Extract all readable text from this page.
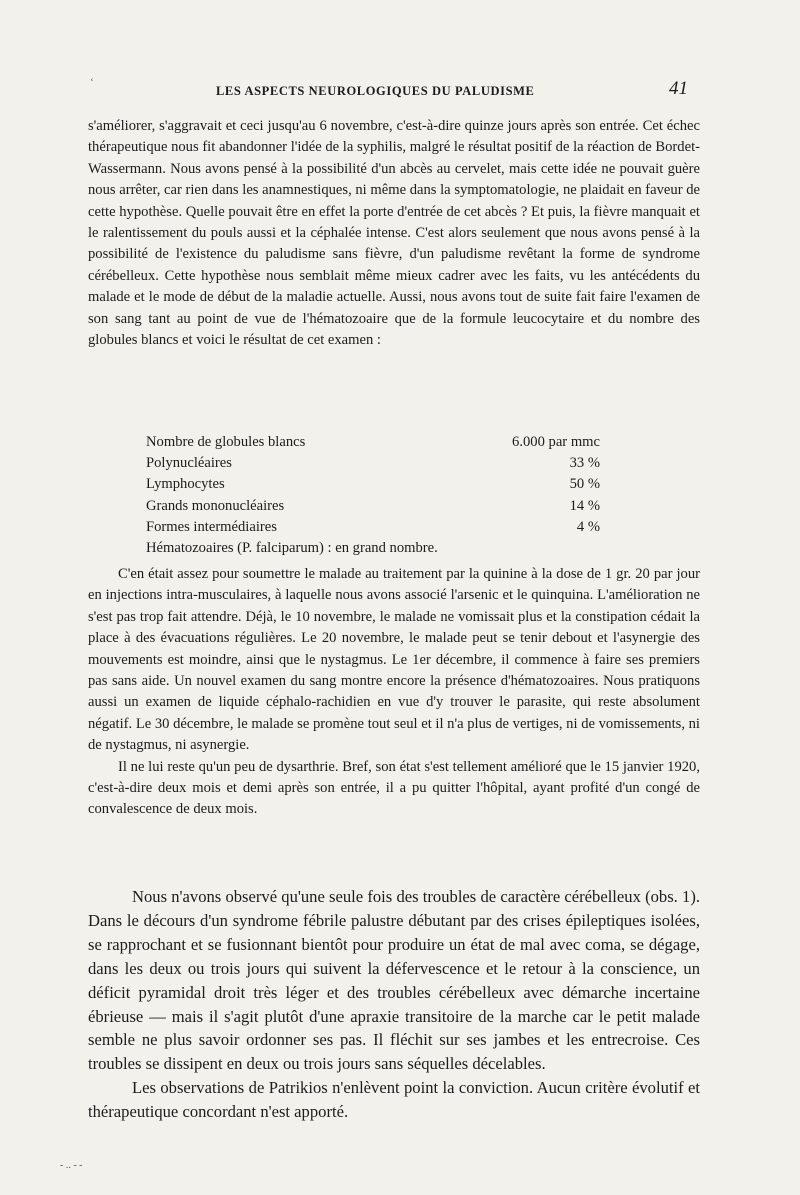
ʿ
LES ASPECTS NEUROLOGIQUES DU PALUDISME	41

s'améliorer, s'aggravait et ceci jusqu'au 6 novembre, c'est-à-dire quinze jours après son entrée. Cet échec thérapeutique nous fit abandonner l'idée de la syphilis, malgré le résultat positif de la réaction de Bordet-Wassermann. Nous avons pensé à la possibilité d'un abcès au cervelet, mais cette idée ne pouvait guère nous arrêter, car rien dans les anamnestiques, ni même dans la symptomatologie, ne plaidait en faveur de cette hypothèse. Quelle pouvait être en effet la porte d'entrée de cet abcès ? Et puis, la fièvre manquait et le ralentissement du pouls aussi et la céphalée intense. C'est alors seulement que nous avons pensé à la possibilité de l'existence du paludisme sans fièvre, d'un paludisme revêtant la forme de syndrome cérébelleux. Cette hypothèse nous semblait même mieux cadrer avec les faits, vu les antécédents du malade et le mode de début de la maladie actuelle. Aussi, nous avons tout de suite fait faire l'examen de son sang tant au point de vue de l'hématozoaire que de la formule leucocytaire et du nombre des globules blancs et voici le résultat de cet examen :

Nombre de globules blancs	6.000 par mmc
Polynucléaires	33 %
Lymphocytes	50 %
Grands mononucléaires	14 %
Formes intermédiaires	4 %
Hématozoaires (P. falciparum) : en grand nombre.

C'en était assez pour soumettre le malade au traitement par la quinine à la dose de 1 gr. 20 par jour en injections intra-musculaires, à laquelle nous avons associé l'arsenic et le quinquina. L'amélioration ne s'est pas trop fait attendre. Déjà, le 10 novembre, le malade ne vomissait plus et la constipation cédait la place à des évacuations régulières. Le 20 novembre, le malade peut se tenir debout et l'asynergie des mouvements est moindre, ainsi que le nystagmus. Le 1er décembre, il commence à faire ses premiers pas sans aide. Un nouvel examen du sang montre encore la présence d'hématozoaires. Nous pratiquons aussi un examen de liquide céphalo-rachidien en vue d'y trouver le parasite, qui reste absolument négatif. Le 30 décembre, le malade se promène tout seul et il n'a plus de vertiges, ni de vomissements, ni de nystagmus, ni asynergie.

Il ne lui reste qu'un peu de dysarthrie. Bref, son état s'est tellement amélioré que le 15 janvier 1920, c'est-à-dire deux mois et demi après son entrée, il a pu quitter l'hôpital, ayant profité d'un congé de convalescence de deux mois.

Nous n'avons observé qu'une seule fois des troubles de caractère cérébelleux (obs. 1). Dans le décours d'un syndrome fébrile palustre débutant par des crises épileptiques isolées, se rapprochant et se fusionnant bientôt pour produire un état de mal avec coma, se dégage, dans les deux ou trois jours qui suivent la défervescence et le retour à la conscience, un déficit pyramidal droit très léger et des troubles cérébelleux avec démarche incertaine ébrieuse — mais il s'agit plutôt d'une apraxie transitoire de la marche car le petit malade semble ne plus savoir ordonner ses pas. Il fléchit sur ses jambes et les entrecroise. Ces troubles se dissipent en deux ou trois jours sans séquelles décelables.

Les observations de Patrikios n'enlèvent point la conviction. Aucun critère évolutif et thérapeutique concordant n'est apporté.

- .. - -
